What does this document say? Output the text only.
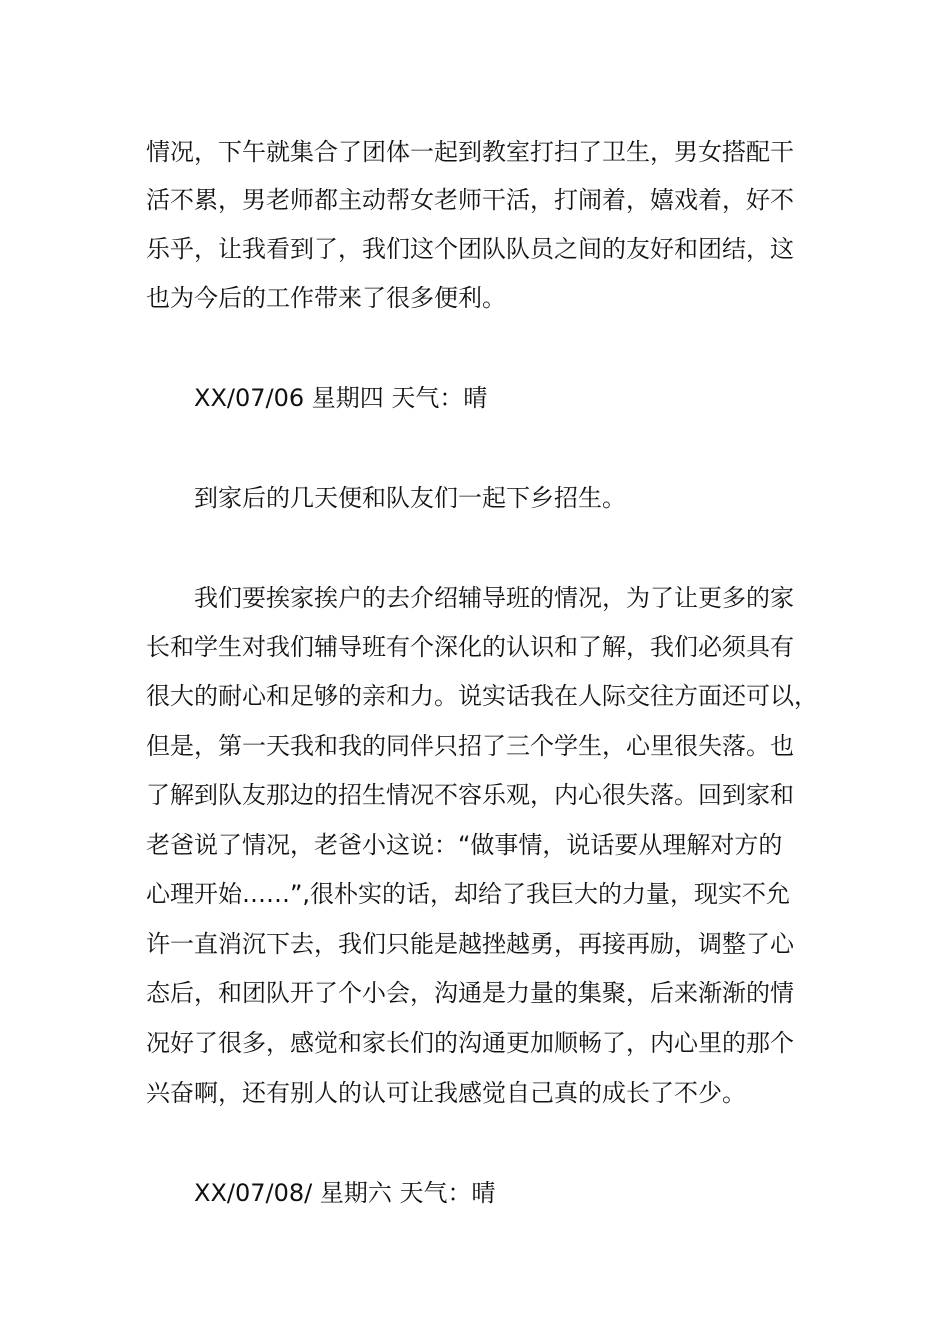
情况，下午就集合了团体一起到教室打扫了卫生，男女搭配干
活不累，男老师都主动帮女老师干活，打闹着，嬉戏着，好不
乐乎，让我看到了，我们这个团队队员之间的友好和团结，这
也为今后的工作带来了很多便利。
XX/07/06 星期四 天气：晴
到家后的几天便和队友们一起下乡招生。
我们要挨家挨户的去介绍辅导班的情况，为了让更多的家
长和学生对我们辅导班有个深化的认识和了解，我们必须具有
很大的耐心和足够的亲和力。说实话我在人际交往方面还可以，
但是，第一天我和我的同伴只招了三个学生，心里很失落。也
了解到队友那边的招生情况不容乐观，内心很失落。回到家和
老爸说了情况，老爸小这说：“做事情，说话要从理解对方的
心理开始……”,很朴实的话，却给了我巨大的力量，现实不允
许一直消沉下去，我们只能是越挫越勇，再接再励，调整了心
态后，和团队开了个小会，沟通是力量的集聚，后来渐渐的情
况好了很多，感觉和家长们的沟通更加顺畅了，内心里的那个
兴奋啊，还有别人的认可让我感觉自己真的成长了不少。
XX/07/08/ 星期六 天气：晴
